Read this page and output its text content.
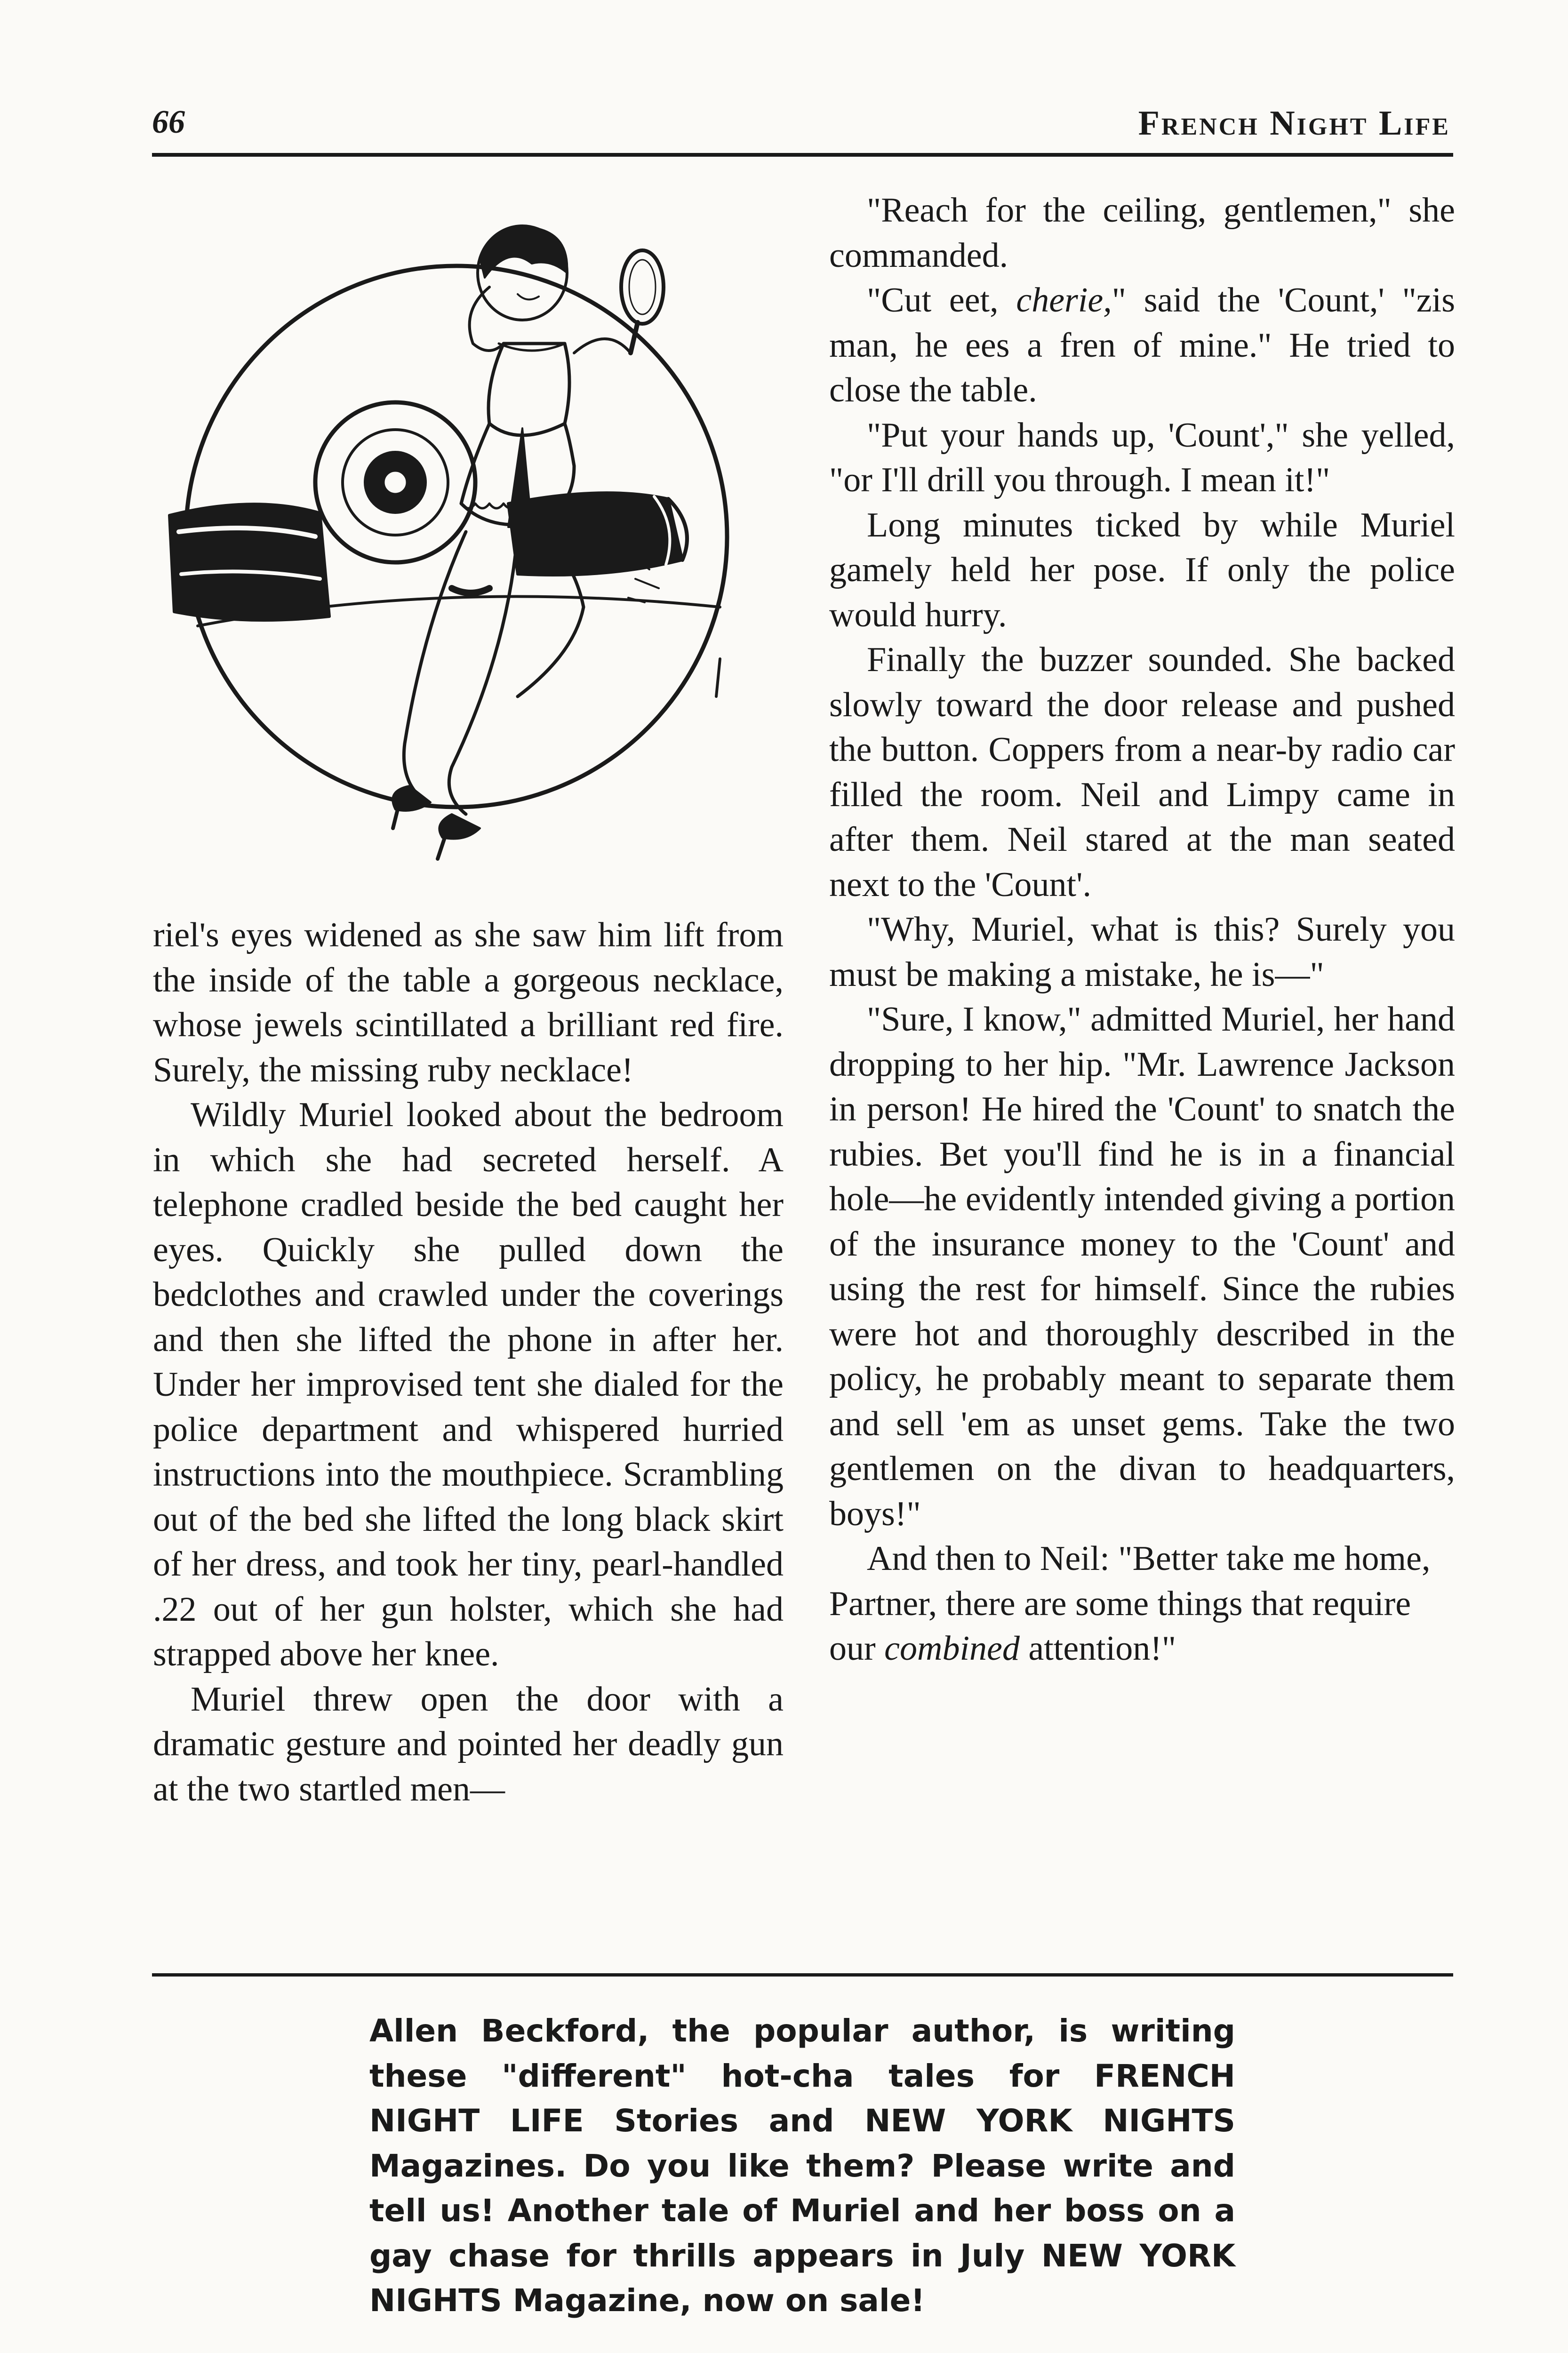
66	French Night Life

riel's eyes widened as she saw him lift from the inside of the table a gorgeous necklace, whose jewels scintillated a brilliant red fire. Surely, the missing ruby necklace!

Wildly Muriel looked about the bedroom in which she had secreted herself. A telephone cradled beside the bed caught her eyes. Quickly she pulled down the bedclothes and crawled under the coverings and then she lifted the phone in after her. Under her improvised tent she dialed for the police department and whispered hurried instructions into the mouthpiece. Scrambling out of the bed she lifted the long black skirt of her dress, and took her tiny, pearl-handled .22 out of her gun holster, which she had strapped above her knee.

Muriel threw open the door with a dramatic gesture and pointed her deadly gun at the two startled men—

"Reach for the ceiling, gentlemen," she commanded.

"Cut eet, cherie," said the 'Count,' "zis man, he ees a fren of mine." He tried to close the table.

"Put your hands up, 'Count'," she yelled, "or I'll drill you through. I mean it!"

Long minutes ticked by while Muriel gamely held her pose. If only the police would hurry.

Finally the buzzer sounded. She backed slowly toward the door release and pushed the button. Coppers from a near-by radio car filled the room. Neil and Limpy came in after them. Neil stared at the man seated next to the 'Count'.

"Why, Muriel, what is this? Surely you must be making a mistake, he is—"

"Sure, I know," admitted Muriel, her hand dropping to her hip. "Mr. Lawrence Jackson in person! He hired the 'Count' to snatch the rubies. Bet you'll find he is in a financial hole—he evidently intended giving a portion of the insurance money to the 'Count' and using the rest for himself. Since the rubies were hot and thoroughly described in the policy, he probably meant to separate them and sell 'em as unset gems. Take the two gentlemen on the divan to headquarters, boys!"

And then to Neil: "Better take me home, Partner, there are some things that require our combined attention!"

Allen Beckford, the popular author, is writing these "different" hot-cha tales for FRENCH NIGHT LIFE Stories and NEW YORK NIGHTS Magazines. Do you like them? Please write and tell us! Another tale of Muriel and her boss on a gay chase for thrills appears in July NEW YORK NIGHTS Magazine, now on sale!
